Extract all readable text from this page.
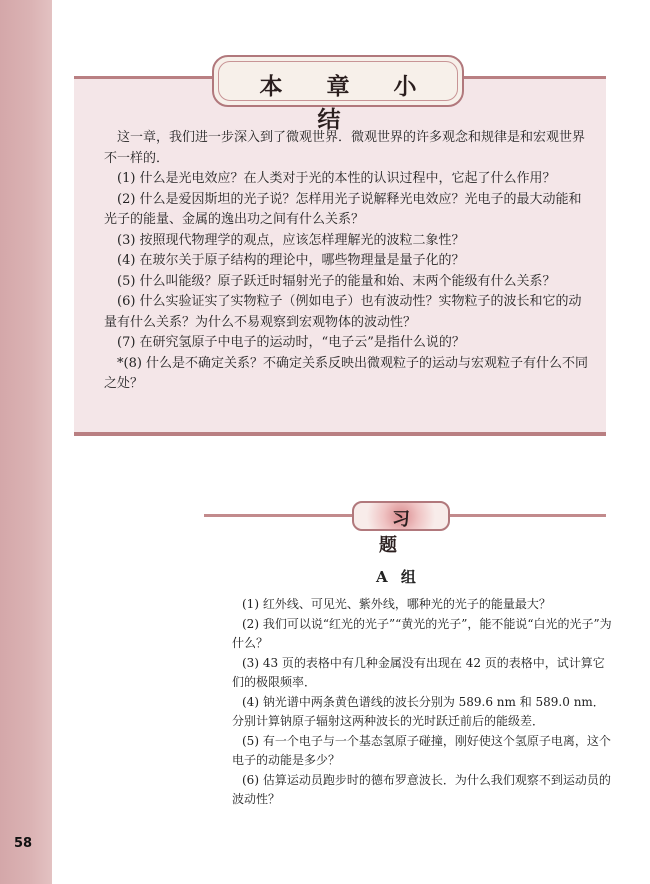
58
本 章 小 结

这一章，我们进一步深入到了微观世界．微观世界的许多观念和规律是和宏观世界不一样的．

(1) 什么是光电效应？在人类对于光的本性的认识过程中，它起了什么作用？

(2) 什么是爱因斯坦的光子说？怎样用光子说解释光电效应？光电子的最大动能和光子的能量、金属的逸出功之间有什么关系？

(3) 按照现代物理学的观点，应该怎样理解光的波粒二象性？

(4) 在玻尔关于原子结构的理论中，哪些物理量是量子化的？

(5) 什么叫能级？原子跃迁时辐射光子的能量和始、末两个能级有什么关系？

(6) 什么实验证实了实物粒子（例如电子）也有波动性？实物粒子的波长和它的动量有什么关系？为什么不易观察到宏观物体的波动性？

(7) 在研究氢原子中电子的运动时，“电子云”是指什么说的？

*(8) 什么是不确定关系？不确定关系反映出微观粒子的运动与宏观粒子有什么不同之处？

习 题
A 组

(1) 红外线、可见光、紫外线，哪种光的光子的能量最大？

(2) 我们可以说“红光的光子”“黄光的光子”，能不能说“白光的光子”为什么？

(3) 43 页的表格中有几种金属没有出现在 42 页的表格中，试计算它们的极限频率．

(4) 钠光谱中两条黄色谱线的波长分别为 589.6 nm 和 589.0 nm．分别计算钠原子辐射这两种波长的光时跃迁前后的能级差．

(5) 有一个电子与一个基态氢原子碰撞，刚好使这个氢原子电离，这个电子的动能是多少？

(6) 估算运动员跑步时的德布罗意波长．为什么我们观察不到运动员的波动性？
